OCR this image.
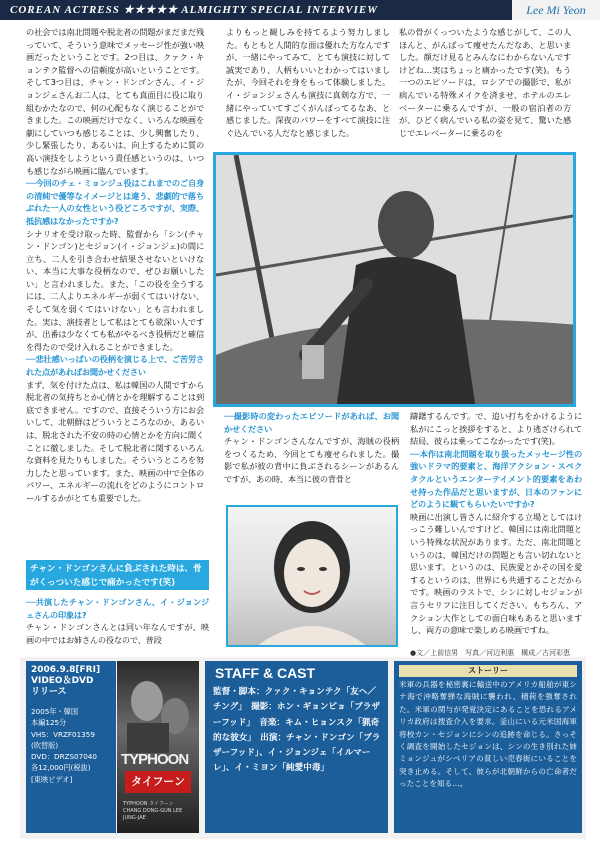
COREAN ACTRESS ★★★★★ ALMIGHTY SPECIAL INTERVIEW	Lee Mi Yeon

の社会では南北問題や脱北者の問題がまだまだ残っていて、そういう意味でメッセージ性が強い映画だったということです。2つ目は、クァク・キョンテク監督への信頼度が高いということです。そして3つ目は、チャン・ドンゴンさん、イ・ジョンジェさんお二人は、とても真面目に役に取り組むかたなので、何の心配もなく演じることができました。この映画だけでなく、いろんな映画を劇にしていつも感じることは、少し興奮したり、少し緊張したり、あるいは、向上するために質の高い演技をしようという責任感というのは、いつも感じながら映画に臨んでいます。

──今回のチェ・ミョンジュ役はこれまでのご自身の清純で優等なイメージとは違う、悲劇的で落ちぶれた一人の女性という役どころですが、実際、抵抗感はなかったですか?

シナリオを受け取った時、監督から「シン(チャン・ドンゴン)とセジョン(イ・ジョンジェ)の間に立ち、二人を引き合わせ結果させないといけない、本当に大事な役柄なので、ぜひお願いしたい」と言われました。また、「この役を全うするには、二人よりエネルギーが弱くてはいけない、そして気を弱くてはいけない」とも言われました。実は、演技者として私はとても欲深い人ですが、出番は少なくても私がやるべき役柄だと確信を得たので受け入れることができました。

──悲壮感いっぱいの役柄を演じる上で、ご苦労された点があればお聞かせください

まず、気を付けた点は、私は韓国の人間ですから脱北者の気持ちとか心情とかを理解することは到底できません。ですので、直接そういう方にお会いして、北朝鮮はどういうところなのか、あるいは、脱北された不安の時の心情とかを方向に聞くことに徹しました。そして脱北者に関するいろんな資料を見たりもしました。そういうところを努力したと思っています。また、映画の中で全体のパワー、エネルギーの流れをどのようにコントロールするかがとても重要でした。

よりもっと観しみを持てるよう努力しました。もともと人間的な面は優れた方なんですが、一緒にやってみて、とても演技に対して誠実であり、人柄もいいとわかってはいましたが、今回それを身をもって体験しました。イ・ジョンジェさんも演技に真剣な方で、一緒にやっていてすごくがんばってるなあ、と感じました。深夜のパワーをすべて演技に注ぐ込んでいる人だなと感じました。

私の骨がくっついたような感じがして、この人ほんと、がんばって痩せたんだなあ、と思いました。顔だけ見るとみんなにわからないんですけどね…実はちょっと痛かったです(笑)。もう一つのエピソードは、ロシアでの撮影で、私が病んでいる特殊メイクを済ませ、ホテルのエレベーターに乗るんですが、一般の宿泊者の方が、ひどく病んでいる私の姿を見て、驚いた感じでエレベーターに乗るのを

──撮影時の変わったエピソードがあれば、お聞かせください

チャン・ドンゴンさんなんですが、海賊の役柄をつくるため、今回とても痩せられました。撮影で私が彼の背中に負ぶされるシーンがあるんですが、あの時、本当に彼の背骨と

躊躇するんです。で、追い打ちをかけるように私がにこっと挨拶をすると、より逃ざけられて結局、彼らは乗ってこなかったです(笑)。

──本作は南北問題を取り扱ったメッセージ性の強いドラマ的要素と、海洋アクション・スペクタクルというエンターテイメント的要素をあわせ持った作品だと思いますが、日本のファンにどのように観てもらいたいですか?

映画に出演し皆さんに紹介する立場としてはけっこう難しいんですけど、韓国には南北問題という特殊な状況があります。ただ、南北問題というのは、韓国だけの問題とも言い切れないと思います。というのは、民族愛とかその国を愛するというのは、世界にも共通することだからです。映画のラストで、シンに対しセジョンが言うセリフに注目してください。もちろん、アクション大作としての面白味もあると思いますし、両方の意味で楽しめる映画ですね。

チャン・ドンゴンさんに負ぶされた時は、骨がくっついた感じで痛かったです(笑)

──共演したチャン・ドンゴンさん、イ・ジョンジェさんの印象は?

チャン・ドンゴンさんとは同い年なんですが、映画の中ではお姉さんの役なので、普段

●文／上前信男　写真／河辺利惠　構成／古河彩恵
2006.9.8[FRI]
VIDEO＆DVD
リリース
2005年・韓国
本編125分
VHS：VRZF01359
(吹替版)
DVD：DRZS07040
各12,000円(税抜)
[東映ビデオ]
TYPHOON
タイフーン
TYPHOON タイフーン CHANG DONG-GUN LEE JUNG-JAE
STAFF & CAST
監督・脚本：クァク・キョンテク「友へ／チング」　撮影：ホン・ギョンピョ「ブラザーフッド」　音楽：キム・ヒョンスク「猟奇的な彼女」　出演：チャン・ドンゴン「ブラザーフッド」、イ・ジョンジェ「イルマーレ」、イ・ミヨン「純愛中毒」
ストーリー
米軍の兵器を秘密裏に輸送中のアメリカ船舶が東シナ海で沖略奪弾な海賊に襲われ、積荷を強奪された。米軍の関与が発覚決定にあることを恐れるアメリカ政府は捜査介入を要求。釜山にいる元米国海軍将校カン・セジョンにシンの追跡を命じる。さっそく調査を開始したセジョンは、シンの生き別れた姉ミョンジュがシベリアの貧しい売春街にいることを突き止める。そして、彼らが北朝鮮からの亡命者だったことを知る…。
